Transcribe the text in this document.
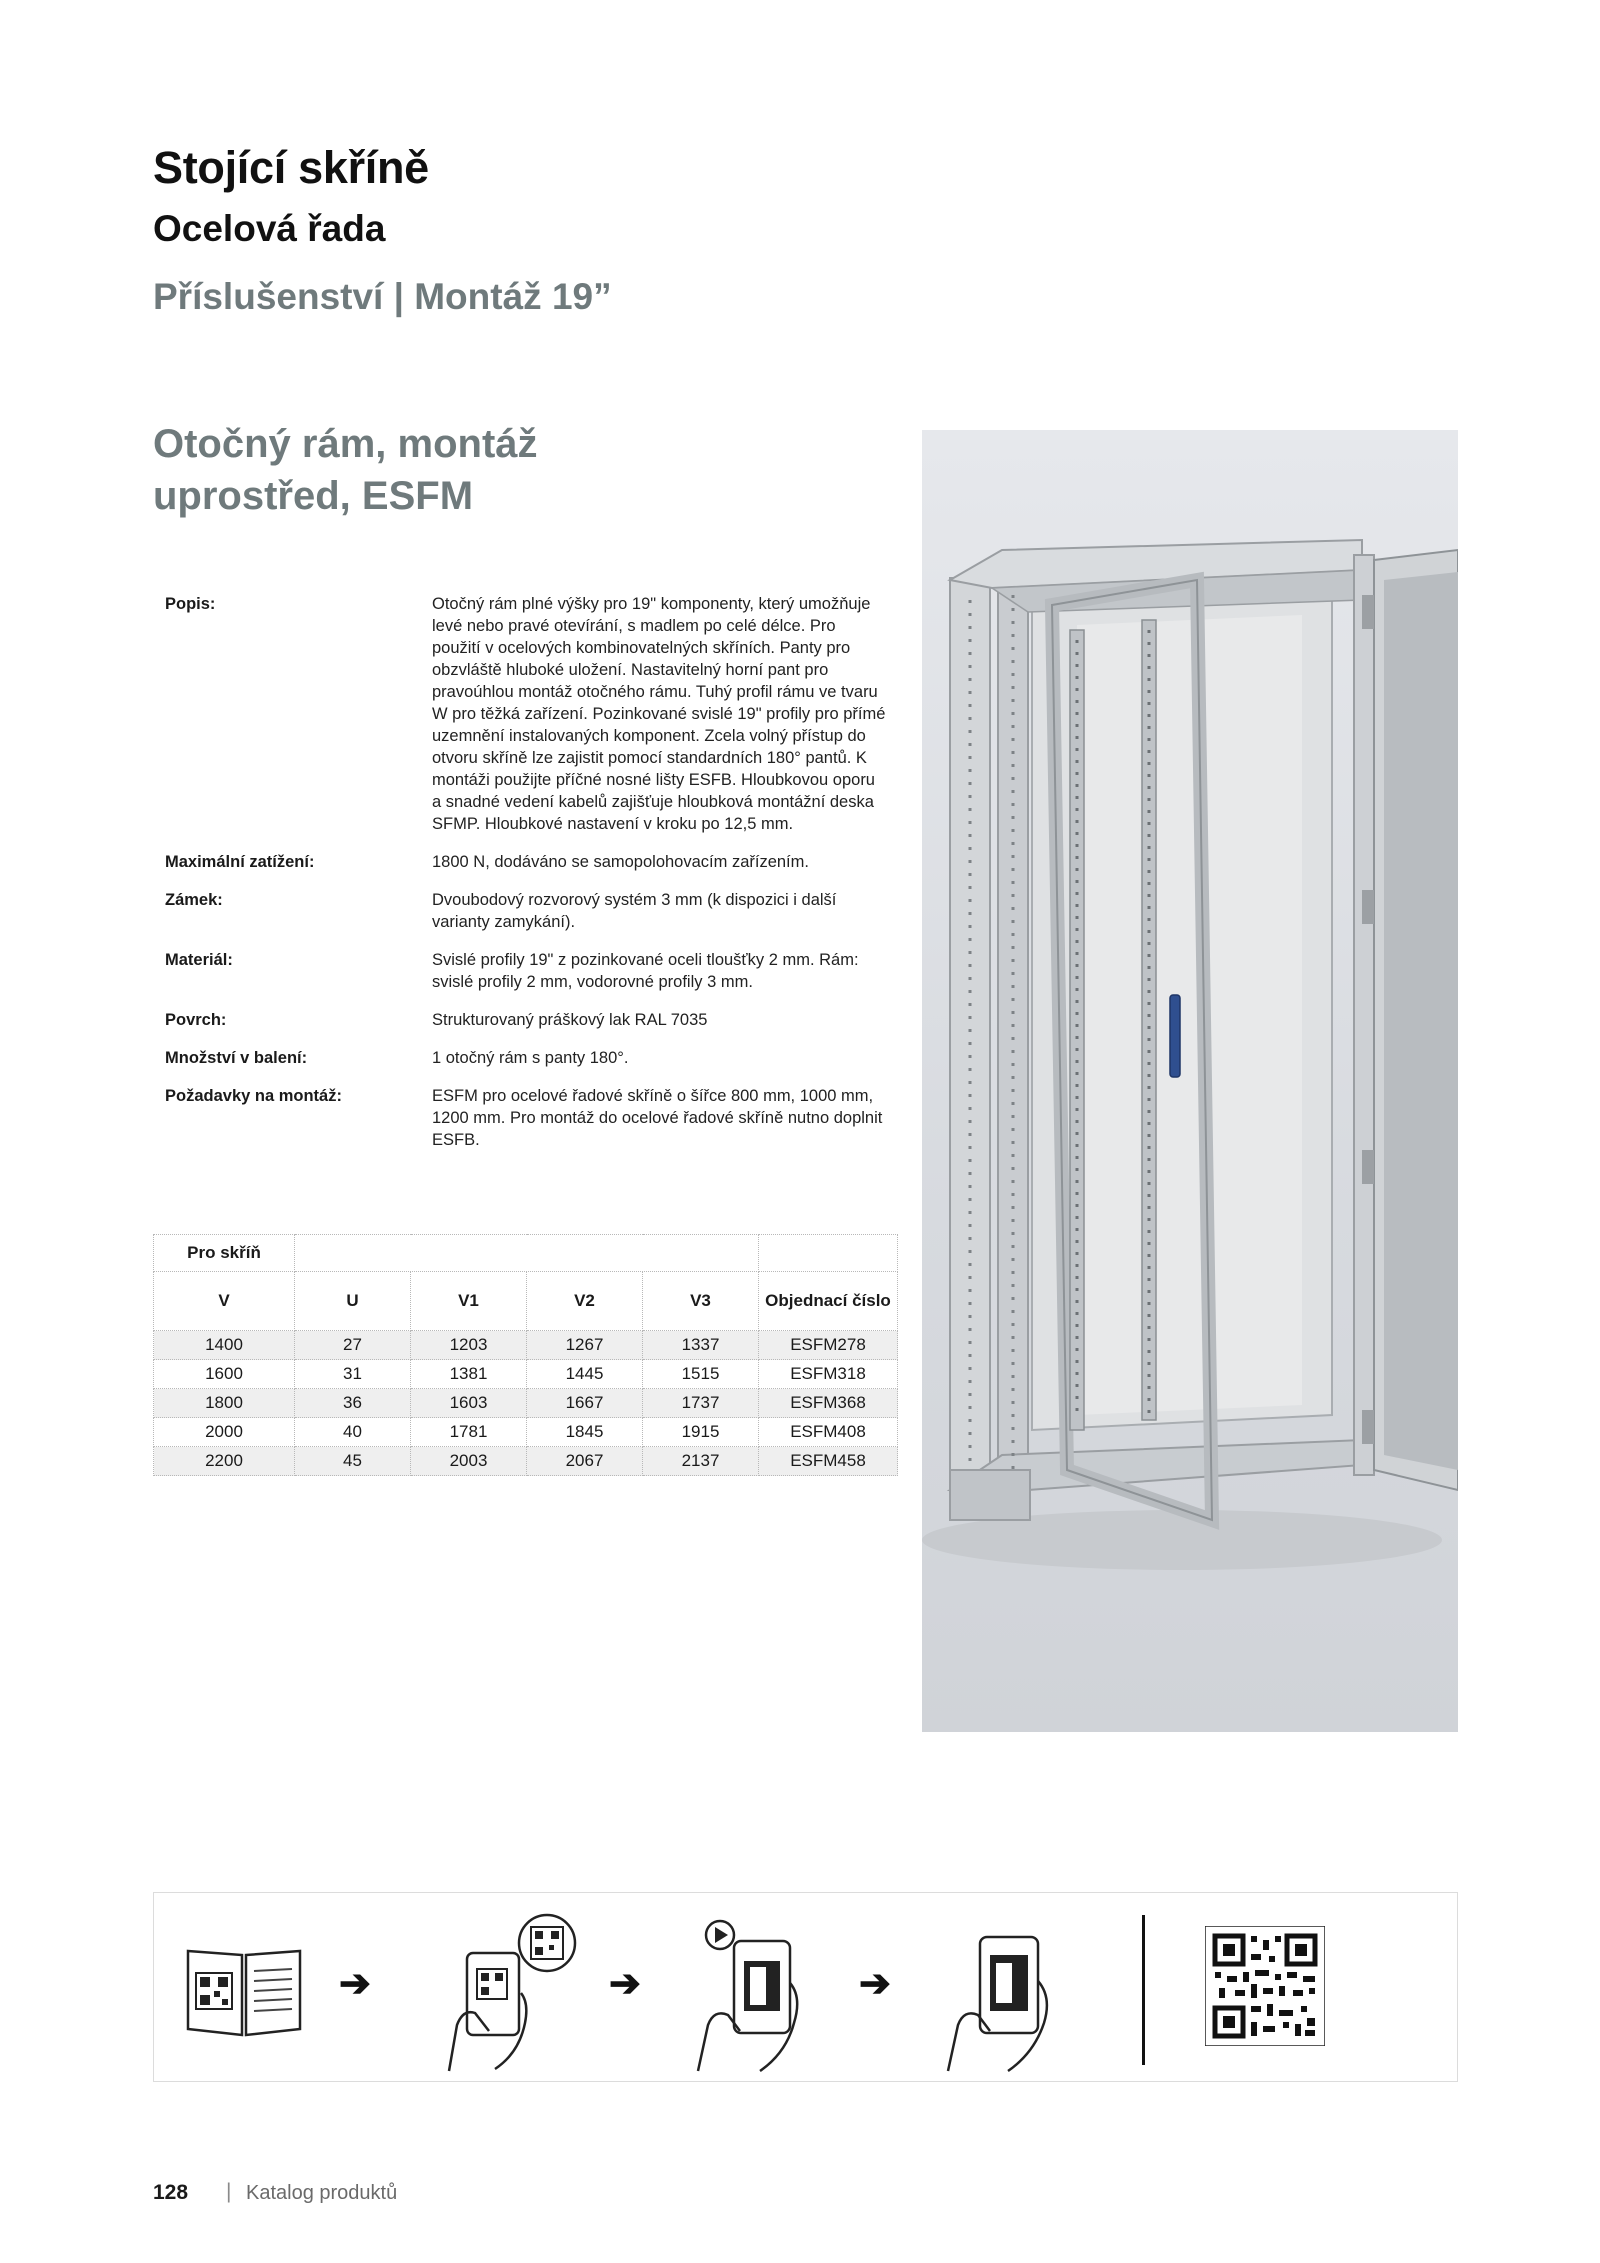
Stojící skříně
Ocelová řada
Příslušenství | Montáž 19”
Otočný rám, montáž
uprostřed, ESFM
Popis:	Otočný rám plné výšky pro 19" komponenty, který umožňuje levé nebo pravé otevírání, s madlem po celé délce. Pro použití v ocelových kombinovatelných skříních. Panty pro obzvláště hluboké uložení. Nastavitelný horní pant pro pravoúhlou montáž otočného rámu. Tuhý profil rámu ve tvaru W pro těžká zařízení. Pozinkované svislé 19" profily pro přímé uzemnění instalovaných komponent. Zcela volný přístup do otvoru skříně lze zajistit pomocí standardních 180° pantů. K montáži použijte příčné nosné lišty ESFB. Hloubkovou oporu a snadné vedení kabelů zajišťuje hloubková montážní deska SFMP. Hloubkové nastavení v kroku po 12,5 mm.
Maximální zatížení:	1800 N, dodáváno se samopolohovacím zařízením.
Zámek:	Dvoubodový rozvorový systém 3 mm (k dispozici i další varianty zamykání).
Materiál:	Svislé profily 19" z pozinkované oceli tloušťky 2 mm. Rám: svislé profily 2 mm, vodorovné profily 3 mm.
Povrch:	Strukturovaný práškový lak RAL 7035
Množství v balení:	1 otočný rám s panty 180°.
Požadavky na montáž:	ESFM pro ocelové řadové skříně o šířce 800 mm, 1000 mm, 1200 mm. Pro montáž do ocelové řadové skříně nutno doplnit ESFB.
Pro skříň					
V	U	V1	V2	V3	Objednací číslo
1400	27	1203	1267	1337	ESFM278
1600	31	1381	1445	1515	ESFM318
1800	36	1603	1667	1737	ESFM368
2000	40	1781	1845	1915	ESFM408
2200	45	2003	2067	2137	ESFM458
➔	➔	➔
128 | Katalog produktů
